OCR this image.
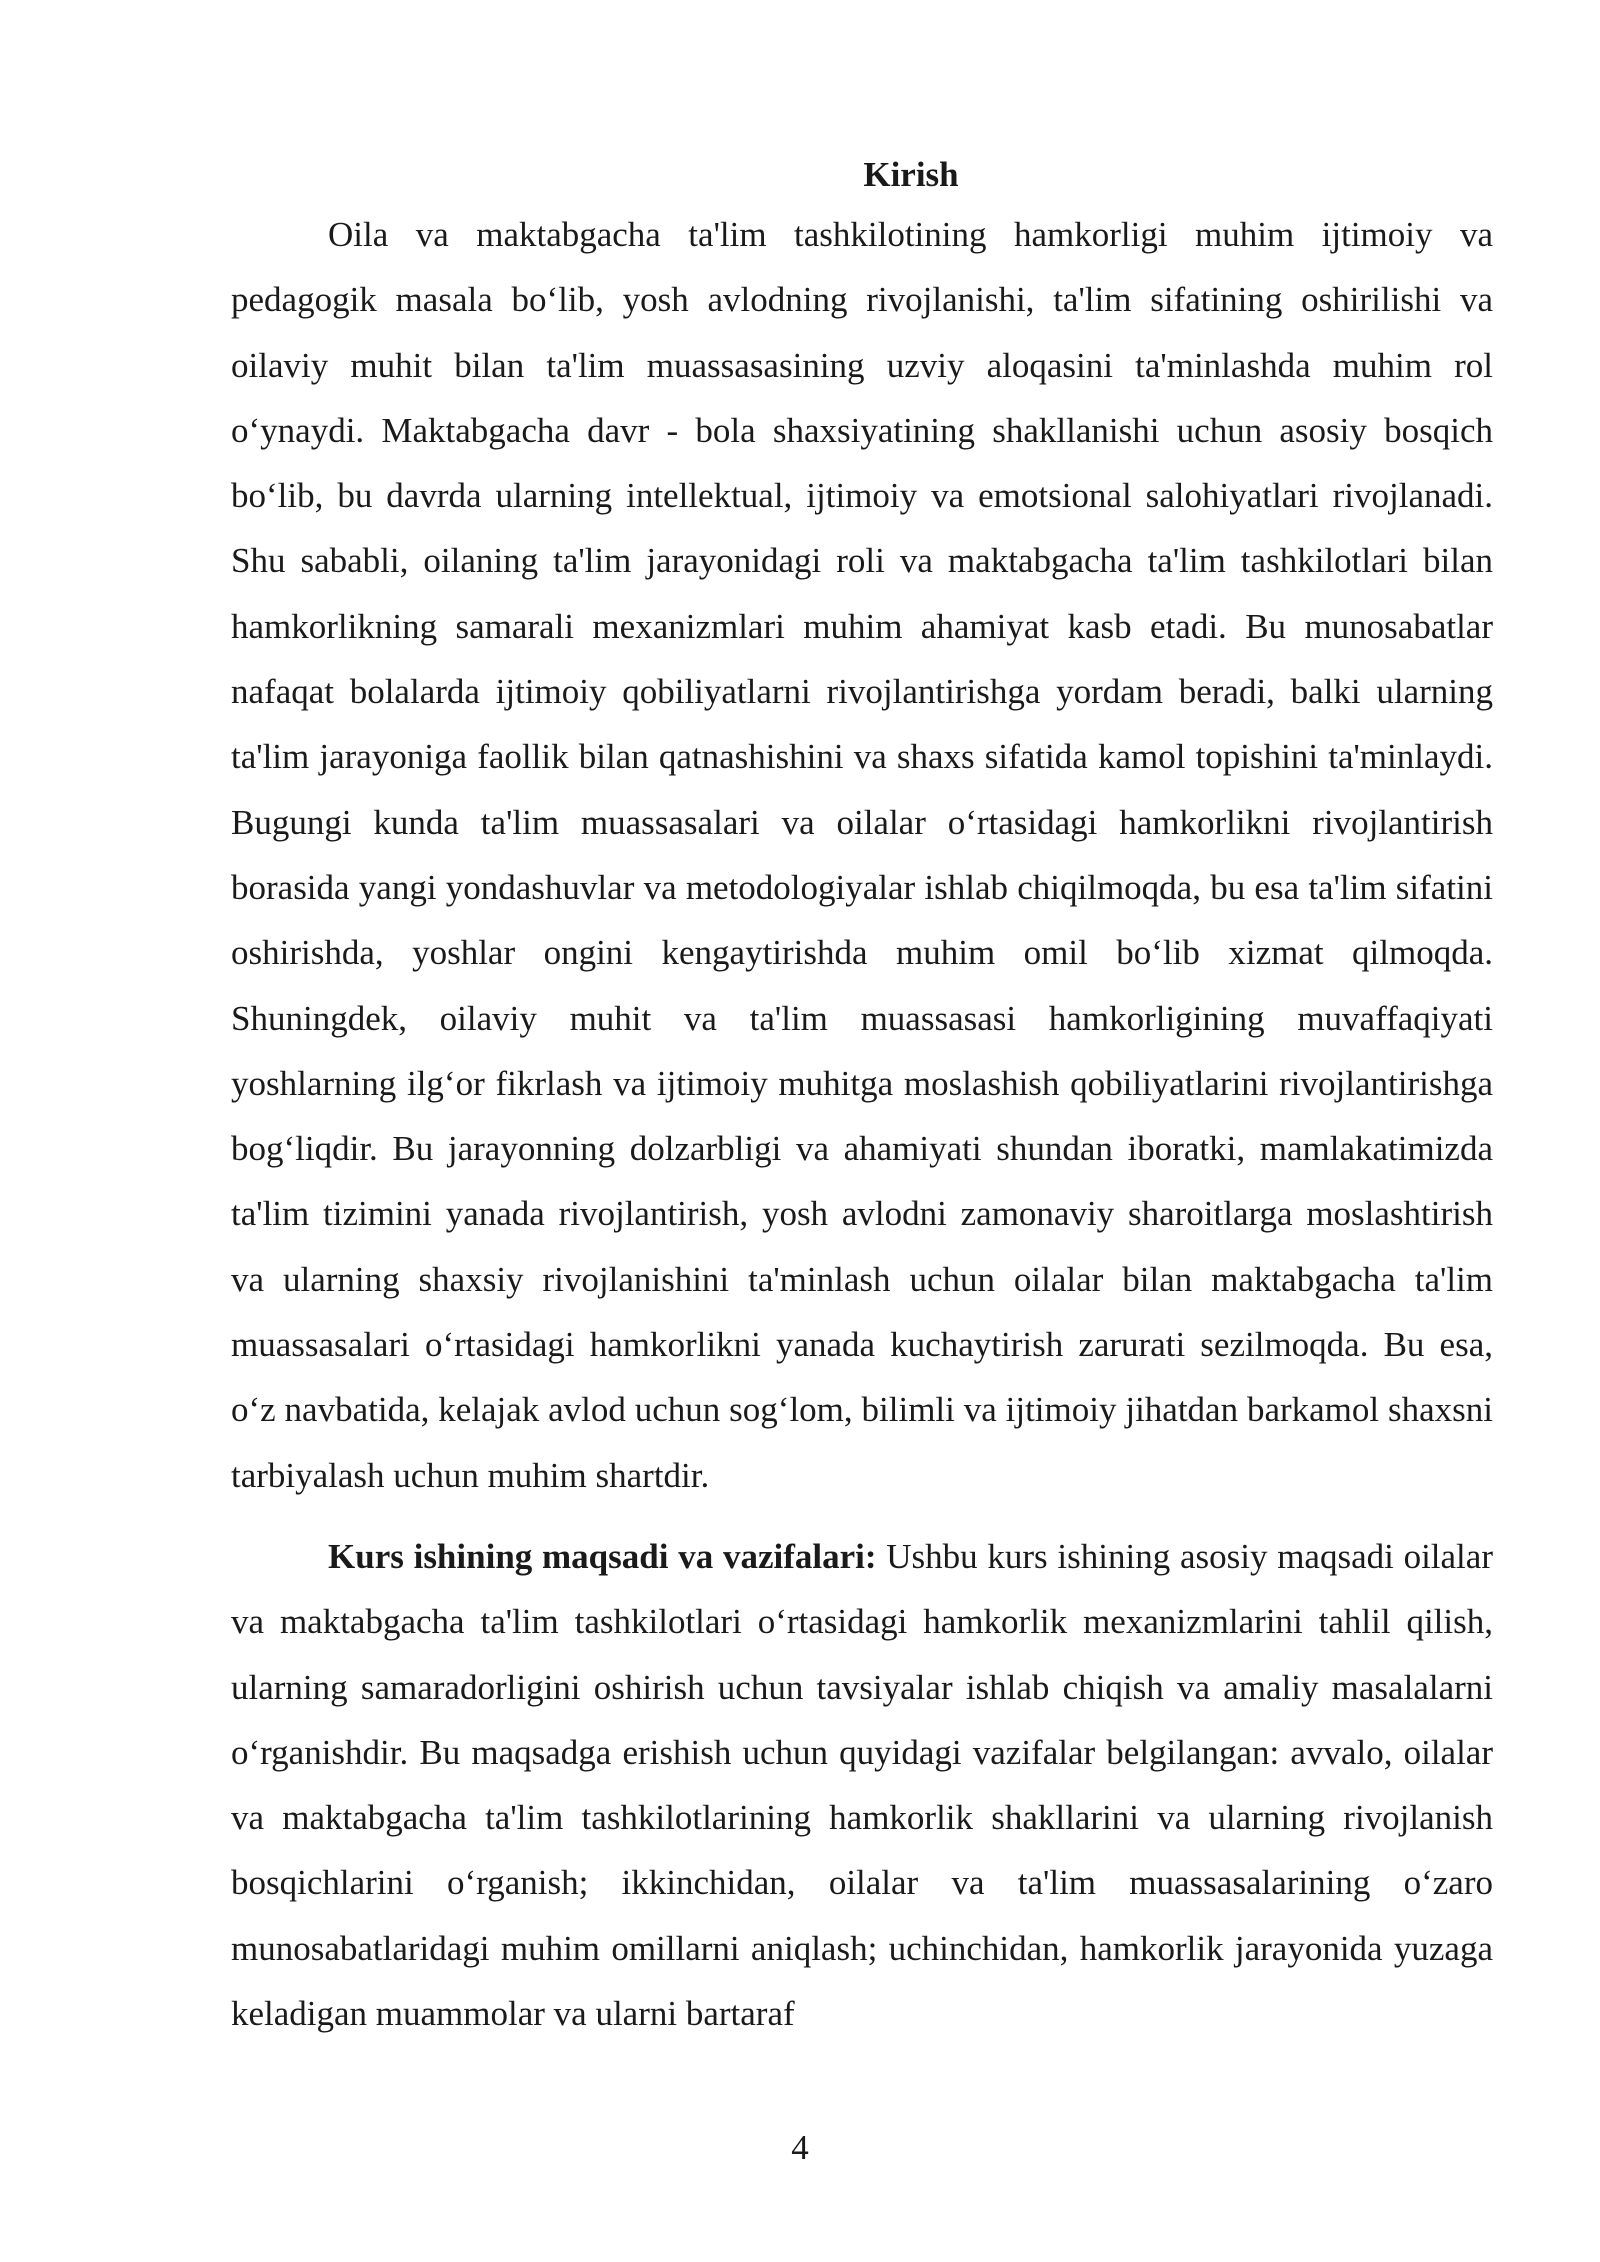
Kirish

Oila va maktabgacha ta'lim tashkilotining hamkorligi muhim ijtimoiy va pedagogik masala bo‘lib, yosh avlodning rivojlanishi, ta'lim sifatining oshirilishi va oilaviy muhit bilan ta'lim muassasasining uzviy aloqasini ta'minlashda muhim rol o‘ynaydi. Maktabgacha davr - bola shaxsiyatining shakllanishi uchun asosiy bosqich bo‘lib, bu davrda ularning intellektual, ijtimoiy va emotsional salohiyatlari rivojlanadi. Shu sababli, oilaning ta'lim jarayonidagi roli va maktabgacha ta'lim tashkilotlari bilan hamkorlikning samarali mexanizmlari muhim ahamiyat kasb etadi. Bu munosabatlar nafaqat bolalarda ijtimoiy qobiliyatlarni rivojlantirishga yordam beradi, balki ularning ta'lim jarayoniga faollik bilan qatnashishini va shaxs sifatida kamol topishini ta'minlaydi. Bugungi kunda ta'lim muassasalari va oilalar o‘rtasidagi hamkorlikni rivojlantirish borasida yangi yondashuvlar va metodologiyalar ishlab chiqilmoqda, bu esa ta'lim sifatini oshirishda, yoshlar ongini kengaytirishda muhim omil bo‘lib xizmat qilmoqda. Shuningdek, oilaviy muhit va ta'lim muassasasi hamkorligining muvaffaqiyati yoshlarning ilg‘or fikrlash va ijtimoiy muhitga moslashish qobiliyatlarini rivojlantirishga bog‘liqdir. Bu jarayonning dolzarbligi va ahamiyati shundan iboratki, mamlakatimizda ta'lim tizimini yanada rivojlantirish, yosh avlodni zamonaviy sharoitlarga moslashtirish va ularning shaxsiy rivojlanishini ta'minlash uchun oilalar bilan maktabgacha ta'lim muassasalari o‘rtasidagi hamkorlikni yanada kuchaytirish zarurati sezilmoqda. Bu esa, o‘z navbatida, kelajak avlod uchun sog‘lom, bilimli va ijtimoiy jihatdan barkamol shaxsni tarbiyalash uchun muhim shartdir.

Kurs ishining maqsadi va vazifalari: Ushbu kurs ishining asosiy maqsadi oilalar va maktabgacha ta'lim tashkilotlari o‘rtasidagi hamkorlik mexanizmlarini tahlil qilish, ularning samaradorligini oshirish uchun tavsiyalar ishlab chiqish va amaliy masalalarni o‘rganishdir. Bu maqsadga erishish uchun quyidagi vazifalar belgilangan: avvalo, oilalar va maktabgacha ta'lim tashkilotlarining hamkorlik shakllarini va ularning rivojlanish bosqichlarini o‘rganish; ikkinchidan, oilalar va ta'lim muassasalarining o‘zaro munosabatlaridagi muhim omillarni aniqlash; uchinchidan, hamkorlik jarayonida yuzaga keladigan muammolar va ularni bartaraf

4
